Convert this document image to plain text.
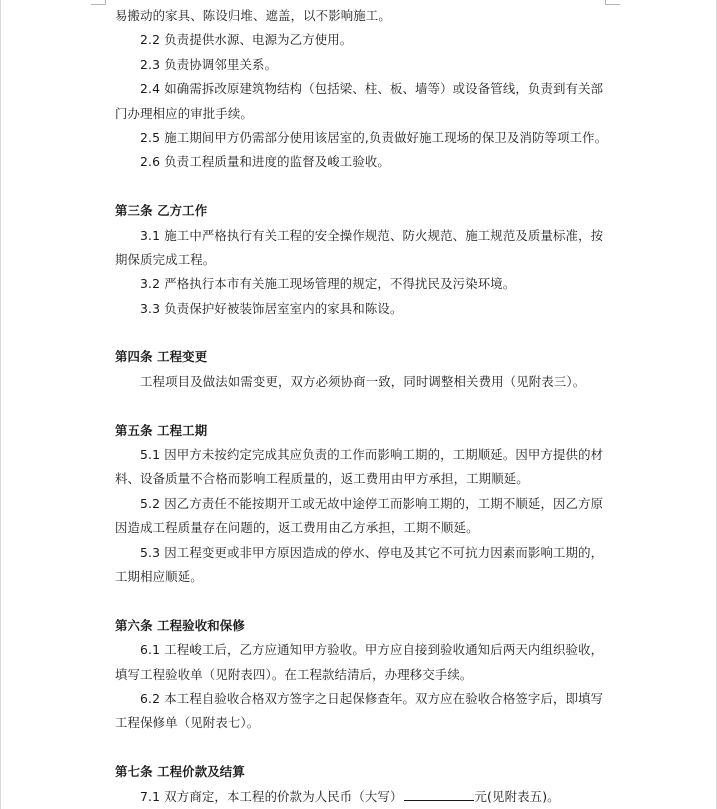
易搬动的家具、陈设归堆、遮盖，以不影响施工。
2.2 负责提供水源、电源为乙方使用。
2.3 负责协调邻里关系。
2.4 如确需拆改原建筑物结构（包括梁、柱、板、墙等）或设备管线，负责到有关部
门办理相应的审批手续。
2.5 施工期间甲方仍需部分使用该居室的,负责做好施工现场的保卫及消防等项工作。
2.6 负责工程质量和进度的监督及峻工验收。
第三条 乙方工作
3.1 施工中严格执行有关工程的安全操作规范、防火规范、施工规范及质量标准，按
期保质完成工程。
3.2 严格执行本市有关施工现场管理的规定，不得扰民及污染环境。
3.3 负责保护好被装饰居室室内的家具和陈设。
第四条 工程变更
工程项目及做法如需变更，双方必须协商一致，同时调整相关费用（见附表三）。
第五条 工程工期
5.1 因甲方未按约定完成其应负责的工作而影响工期的，工期顺延。因甲方提供的材
料、设备质量不合格而影响工程质量的，返工费用由甲方承担，工期顺延。
5.2 因乙方责任不能按期开工或无故中途停工而影响工期的，工期不顺延，因乙方原
因造成工程质量存在问题的，返工费用由乙方承担，工期不顺延。
5.3 因工程变更或非甲方原因造成的停水、停电及其它不可抗力因素而影响工期的，
工期相应顺延。
第六条 工程验收和保修
6.1 工程峻工后，乙方应通知甲方验收。甲方应自接到验收通知后两天内组织验收，
填写工程验收单（见附表四）。在工程款结清后，办理移交手续。
6.2 本工程自验收合格双方签字之日起保修查年。双方应在验收合格签字后，即填写
工程保修单（见附表七）。
第七条 工程价款及结算
7.1 双方商定，本工程的价款为人民币（大写）	元(见附表五)。
